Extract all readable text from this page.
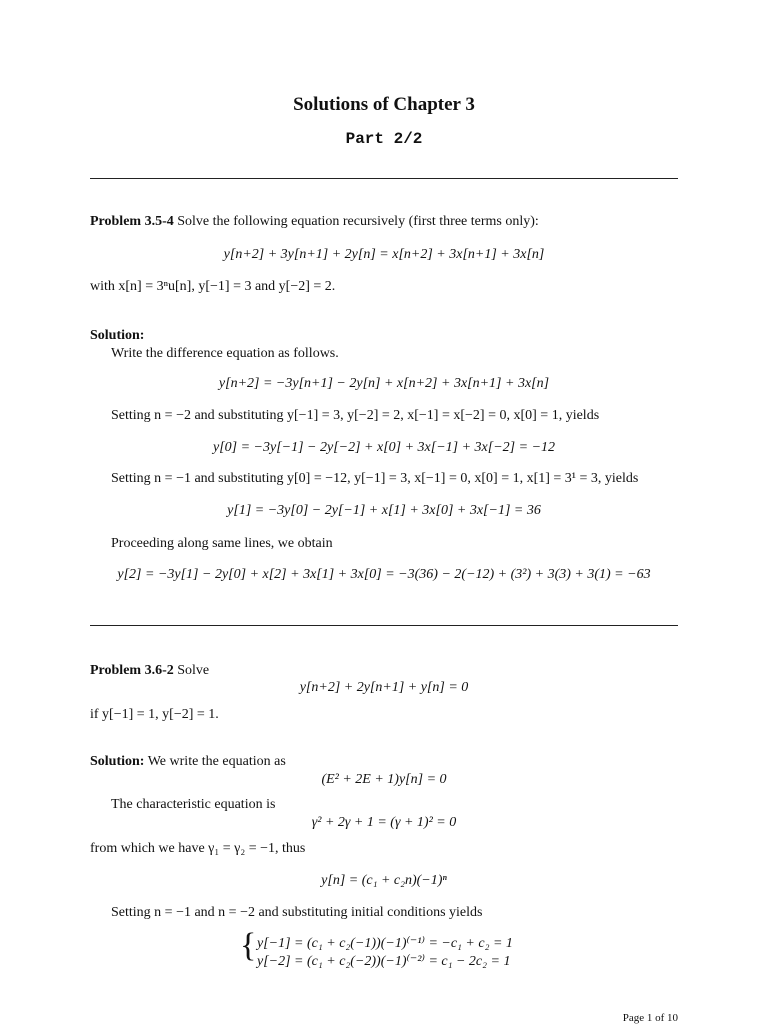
Solutions of Chapter 3
Part 2/2
Problem 3.5-4 Solve the following equation recursively (first three terms only):
y[n+2] + 3y[n+1] + 2y[n] = x[n+2] + 3x[n+1] + 3x[n]
with x[n] = 3ⁿu[n], y[−1] = 3 and y[−2] = 2.
Solution:
Write the difference equation as follows.
y[n+2] = −3y[n+1] − 2y[n] + x[n+2] + 3x[n+1] + 3x[n]
Setting n = −2 and substituting y[−1] = 3, y[−2] = 2, x[−1] = x[−2] = 0, x[0] = 1, yields
y[0] = −3y[−1] − 2y[−2] + x[0] + 3x[−1] + 3x[−2] = −12
Setting n = −1 and substituting y[0] = −12, y[−1] = 3, x[−1] = 0, x[0] = 1, x[1] = 3¹ = 3, yields
y[1] = −3y[0] − 2y[−1] + x[1] + 3x[0] + 3x[−1] = 36
Proceeding along same lines, we obtain
y[2] = −3y[1] − 2y[0] + x[2] + 3x[1] + 3x[0] = −3(36) − 2(−12) + (3²) + 3(3) + 3(1) = −63
Problem 3.6-2 Solve
y[n+2] + 2y[n+1] + y[n] = 0
if y[−1] = 1, y[−2] = 1.
Solution: We write the equation as
(E² + 2E + 1)y[n] = 0
The characteristic equation is
γ² + 2γ + 1 = (γ + 1)² = 0
from which we have γ₁ = γ₂ = −1, thus
y[n] = (c₁ + c₂n)(−1)ⁿ
Setting n = −1 and n = −2 and substituting initial conditions yields
{ y[−1] = (c₁ + c₂(−1))(−1)⁽⁻¹⁾ = −c₁ + c₂ = 1
y[−2] = (c₁ + c₂(−2))(−1)⁽⁻²⁾ = c₁ − 2c₂ = 1
Page 1 of 10
